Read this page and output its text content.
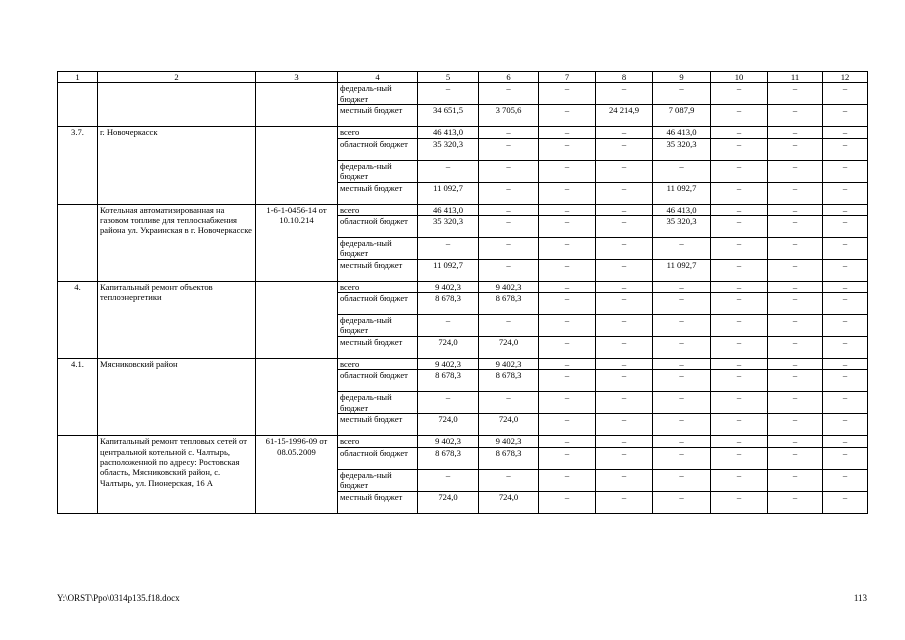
1	2	3	4	5	6	7	8	9	10	11	12

			федераль-ный бюджет	–	–	–	–	–	–	–	–

			местный бюджет	34 651,5	3 705,6	–	24 214,9	7 087,9	–	–	–

3.7.	г. Новочеркасск		всего	46 413,0	–	–	–	46 413,0	–	–	–

			областной бюджет	35 320,3	–	–	–	35 320,3	–	–	–

			федераль-ный бюджет	–	–	–	–	–	–	–	–

			местный бюджет	11 092,7	–	–	–	11 092,7	–	–	–

	Котельная автоматизированная на газовом топливе для теплоснабжения района ул. Украинская в г. Новочеркасске	1-6-1-0456-14 от 10.10.214	всего	46 413,0	–	–	–	46 413,0	–	–	–

			областной бюджет	35 320,3	–	–	–	35 320,3	–	–	–

			федераль-ный бюджет	–	–	–	–	–	–	–	–

			местный бюджет	11 092,7	–	–	–	11 092,7	–	–	–

4.	Капитальный ремонт объектов теплоэнергетики		всего	9 402,3	9 402,3	–	–	–	–	–	–

			областной бюджет	8 678,3	8 678,3	–	–	–	–	–	–

			федераль-ный бюджет	–	–	–	–	–	–	–	–

			местный бюджет	724,0	724,0	–	–	–	–	–	–

4.1.	Мясниковский район		всего	9 402,3	9 402,3	–	–	–	–	–	–

			областной бюджет	8 678,3	8 678,3	–	–	–	–	–	–

			федераль-ный бюджет	–	–	–	–	–	–	–	–

			местный бюджет	724,0	724,0	–	–	–	–	–	–

	Капитальный ремонт тепловых сетей от центральной котельной с. Чалтырь, расположенной по адресу: Ростовская область, Мясниковский район, с. Чалтырь, ул. Пионерская, 16 А	61-15-1996-09 от 08.05.2009	всего	9 402,3	9 402,3	–	–	–	–	–	–

			областной бюджет	8 678,3	8 678,3	–	–	–	–	–	–

			федераль-ный бюджет	–	–	–	–	–	–	–	–

			местный бюджет	724,0	724,0	–	–	–	–	–	–
Y:\ORST\Ppo\0314p135.f18.docx	113
